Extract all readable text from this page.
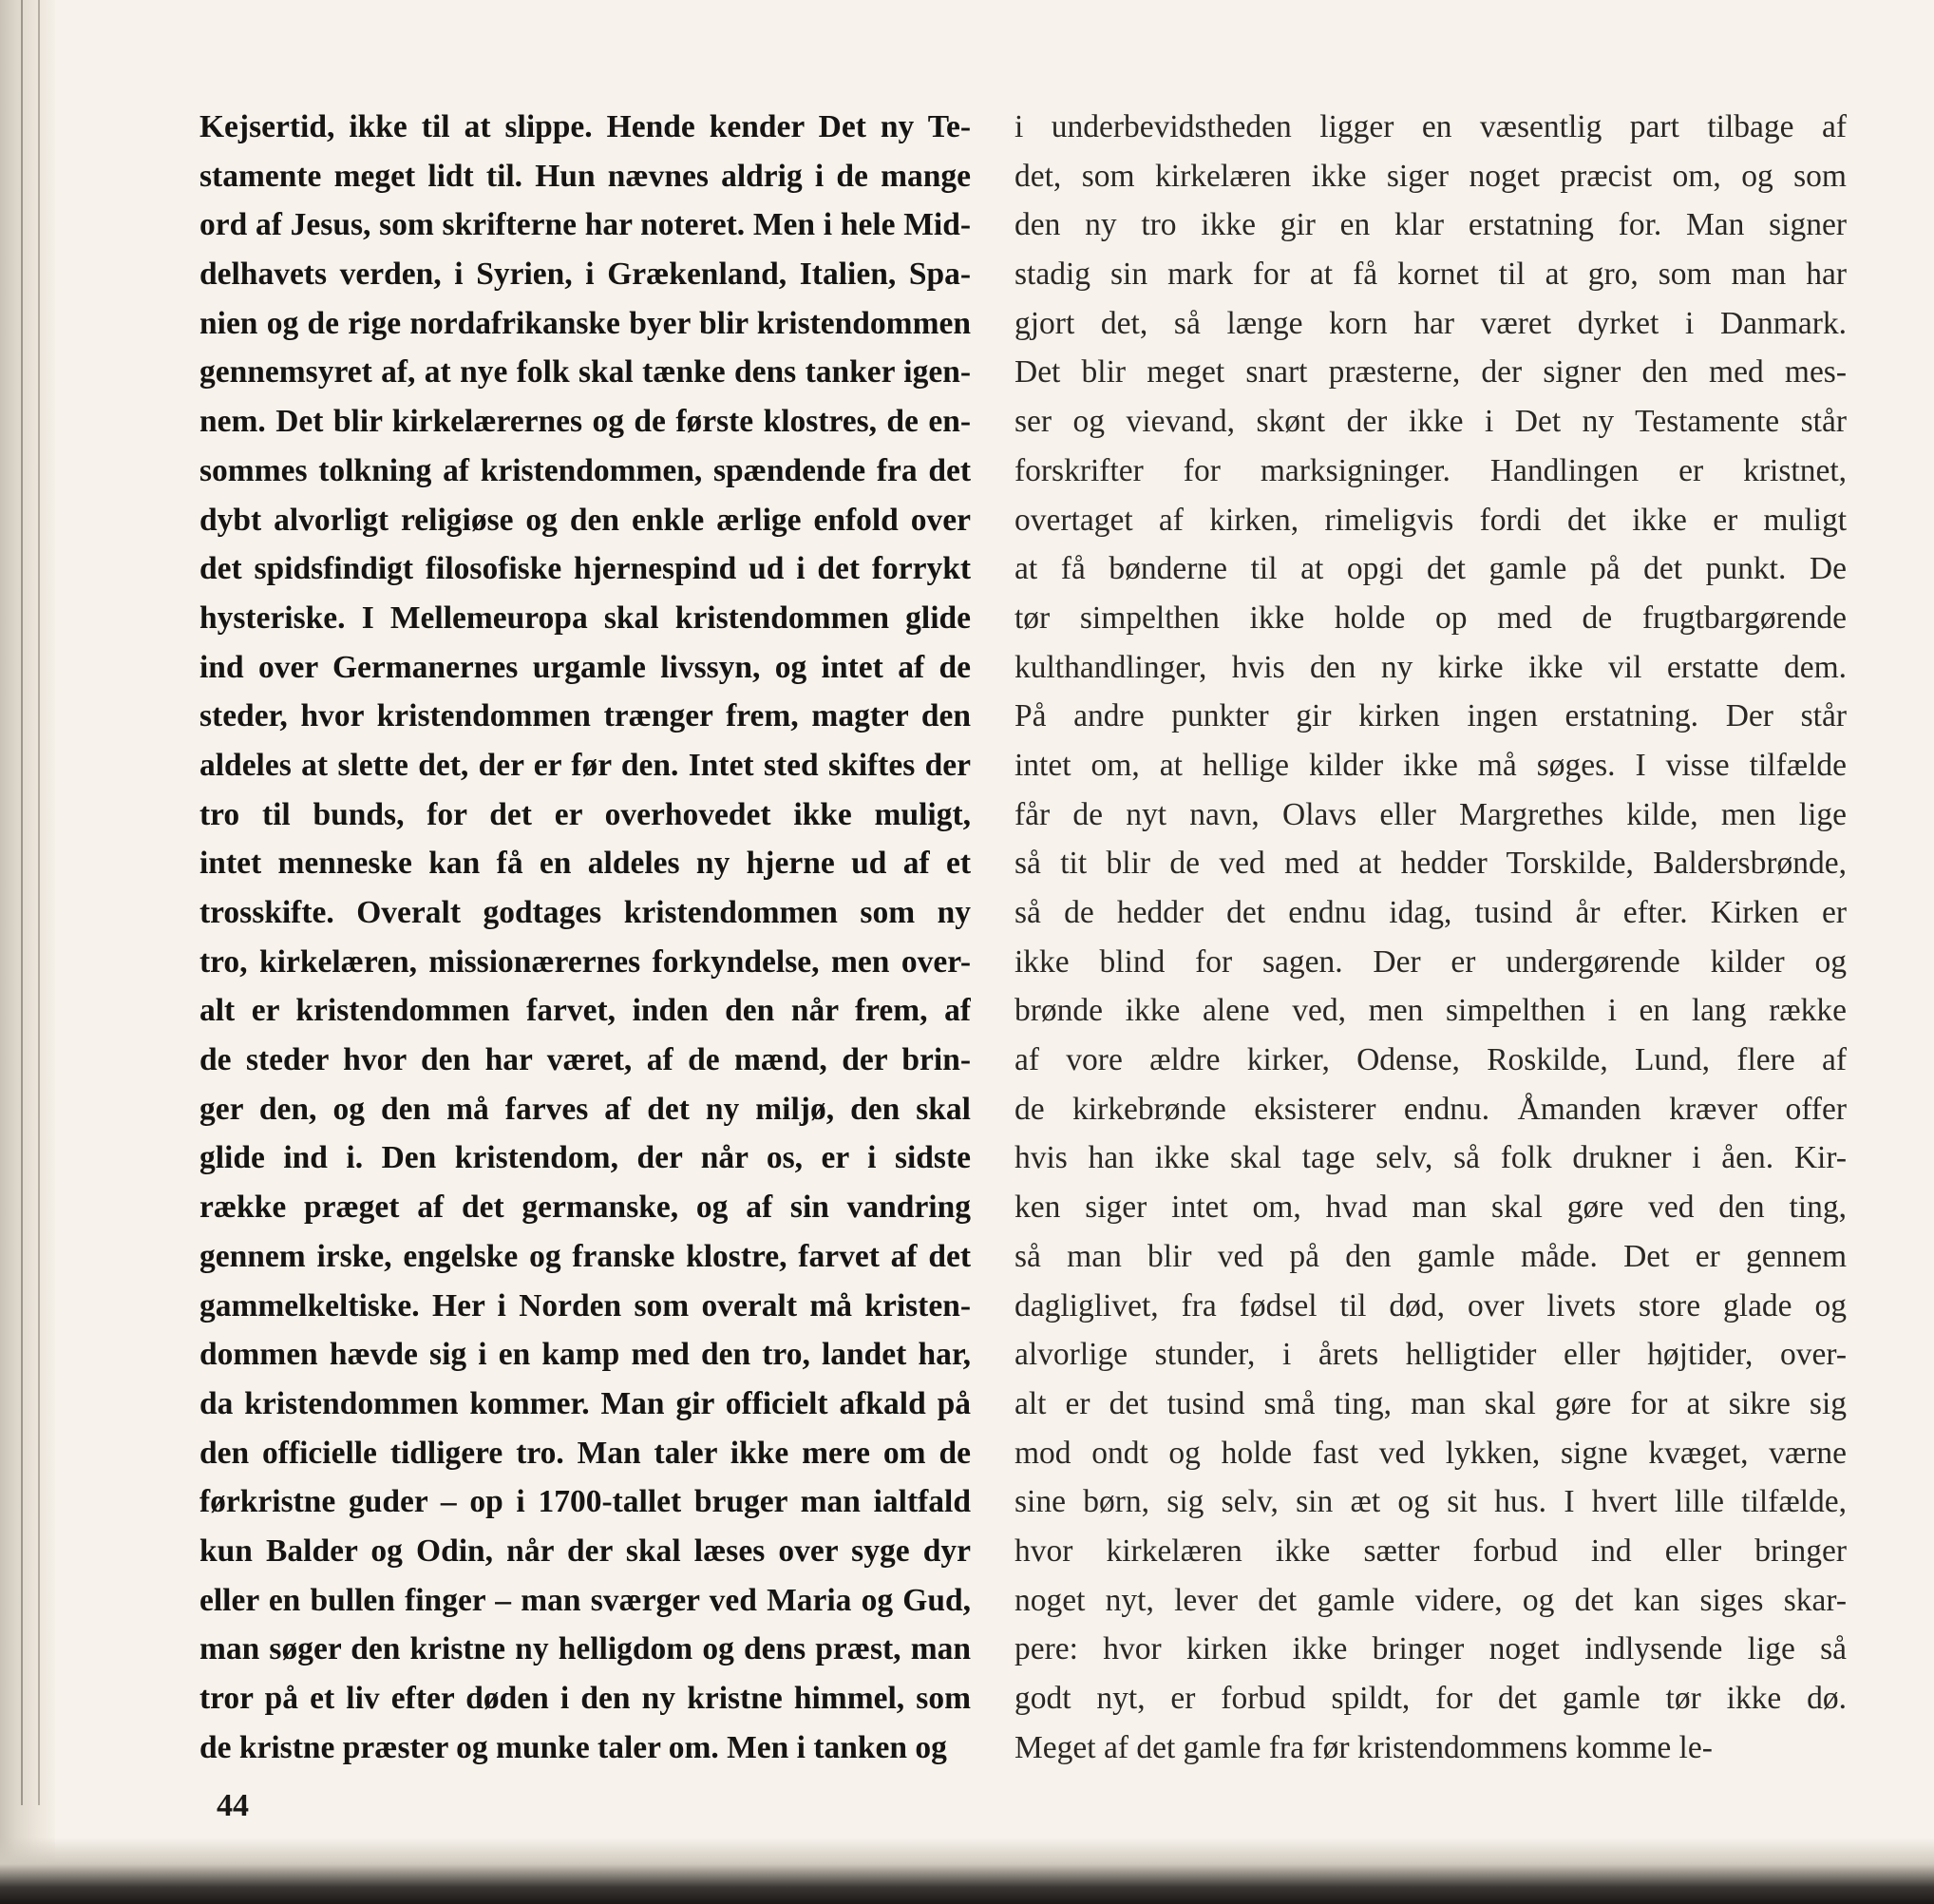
Kejsertid, ikke til at slippe. Hende kender Det ny Te-
stamente meget lidt til. Hun nævnes aldrig i de mange
ord af Jesus, som skrifterne har noteret. Men i hele Mid-
delhavets verden, i Syrien, i Grækenland, Italien, Spa-
nien og de rige nordafrikanske byer blir kristendommen
gennemsyret af, at nye folk skal tænke dens tanker igen-
nem. Det blir kirkelærernes og de første klostres, de en-
sommes tolkning af kristendommen, spændende fra det
dybt alvorligt religiøse og den enkle ærlige enfold over
det spidsfindigt filosofiske hjernespind ud i det forrykt
hysteriske. I Mellemeuropa skal kristendommen glide
ind over Germanernes urgamle livssyn, og intet af de
steder, hvor kristendommen trænger frem, magter den
aldeles at slette det, der er før den. Intet sted skiftes der
tro til bunds, for det er overhovedet ikke muligt,
intet menneske kan få en aldeles ny hjerne ud af et
trosskifte. Overalt godtages kristendommen som ny
tro, kirkelæren, missionærernes forkyndelse, men over-
alt er kristendommen farvet, inden den når frem, af
de steder hvor den har været, af de mænd, der brin-
ger den, og den må farves af det ny miljø, den skal
glide ind i. Den kristendom, der når os, er i sidste
række præget af det germanske, og af sin vandring
gennem irske, engelske og franske klostre, farvet af det
gammelkeltiske. Her i Norden som overalt må kristen-
dommen hævde sig i en kamp med den tro, landet har,
da kristendommen kommer. Man gir officielt afkald på
den officielle tidligere tro. Man taler ikke mere om de
førkristne guder – op i 1700-tallet bruger man ialtfald
kun Balder og Odin, når der skal læses over syge dyr
eller en bullen finger – man sværger ved Maria og Gud,
man søger den kristne ny helligdom og dens præst, man
tror på et liv efter døden i den ny kristne himmel, som
de kristne præster og munke taler om. Men i tanken og
i underbevidstheden ligger en væsentlig part tilbage af
det, som kirkelæren ikke siger noget præcist om, og som
den ny tro ikke gir en klar erstatning for. Man signer
stadig sin mark for at få kornet til at gro, som man har
gjort det, så længe korn har været dyrket i Danmark.
Det blir meget snart præsterne, der signer den med mes-
ser og vievand, skønt der ikke i Det ny Testamente står
forskrifter for marksigninger. Handlingen er kristnet,
overtaget af kirken, rimeligvis fordi det ikke er muligt
at få bønderne til at opgi det gamle på det punkt. De
tør simpelthen ikke holde op med de frugtbargørende
kulthandlinger, hvis den ny kirke ikke vil erstatte dem.
På andre punkter gir kirken ingen erstatning. Der står
intet om, at hellige kilder ikke må søges. I visse tilfælde
får de nyt navn, Olavs eller Margrethes kilde, men lige
så tit blir de ved med at hedder Torskilde, Baldersbrønde,
så de hedder det endnu idag, tusind år efter. Kirken er
ikke blind for sagen. Der er undergørende kilder og
brønde ikke alene ved, men simpelthen i en lang række
af vore ældre kirker, Odense, Roskilde, Lund, flere af
de kirkebrønde eksisterer endnu. Åmanden kræver offer
hvis han ikke skal tage selv, så folk drukner i åen. Kir-
ken siger intet om, hvad man skal gøre ved den ting,
så man blir ved på den gamle måde. Det er gennem
dagliglivet, fra fødsel til død, over livets store glade og
alvorlige stunder, i årets helligtider eller højtider, over-
alt er det tusind små ting, man skal gøre for at sikre sig
mod ondt og holde fast ved lykken, signe kvæget, værne
sine børn, sig selv, sin æt og sit hus. I hvert lille tilfælde,
hvor kirkelæren ikke sætter forbud ind eller bringer
noget nyt, lever det gamle videre, og det kan siges skar-
pere: hvor kirken ikke bringer noget indlysende lige så
godt nyt, er forbud spildt, for det gamle tør ikke dø.
Meget af det gamle fra før kristendommens komme le-
44
